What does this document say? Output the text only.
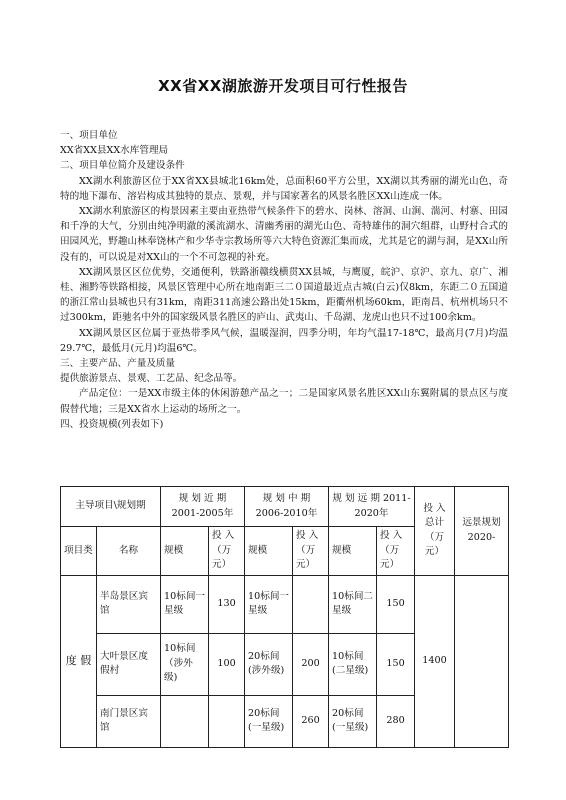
XX省XX湖旅游开发项目可行性报告

一、项目单位

XX省XX县XX水库管理局

二、项目单位简介及建设条件

XX湖水利旅游区位于XX省XX县城北16km处，总面积60平方公里，XX湖以其秀丽的湖光山色，奇特的地下瀑布、溶岩构成其独特的景点、景观，并与国家著名的风景名胜区XX山连成一体。

XX湖水利旅游区的构景因素主要由亚热带气候条件下的碧水、岗林、溶洞、山涧、湍河、村寨、田园和千净的大气，分别由纯净明澈的溪流湖水、清幽秀丽的湖光山色、奇特雄伟的洞穴组群，山野村合式的田园风光，野趣山林奉饶林产和少华寺宗教场所等六大特色资源汇集而成，尤其是它的湖与洞，是XX山所没有的，可以说是对XX山的一个不可忽视的补充。

XX湖风景区区位优势，交通便利，铁路浙赣线横贯XX县城，与鹰厦，皖沪、京沪、京九、京广、湘桂、湘黔等铁路相接，风景区管理中心所在地南距三二０国道最近点古城(白云)仅8km，东距二０五国道的浙江常山县城也只有31km，南距311高速公路出处15km，距衢州机场60km，距南昌、杭州机场只不过300km，距驰名中外的国家级风景名胜区的庐山、武夷山、千岛湖、龙虎山也只不过100余km。

XX湖风景区区位属于亚热带季风气候，温暖湿润，四季分明，年均气温17-18℃，最高月(7月)均温29.7℃，最低月(元月)均温6℃。

三、主要产品、产量及质量

提供旅游景点、景观、工艺品、纪念品等。

产品定位：一是XX市级主体的休闲游憩产品之一；二是国家风景名胜区XX山东翼附属的景点区与度假替代地；三是XX省水上运动的场所之一。

四、投资规模(列表如下)

主导项目\规划期		规 划 近 期 2001-2005年		规 划 中 期 2006-2010年		规 划 远 期 2011-2020年		投 入 总计 （万元）	远景规划 2020-
项目类	名称	规模	投 入（万元）	规模	投 入（万元）	规模	投 入（万元）		
度 假	半岛景区宾馆	10标间一星级	130	10标间一星级		10标间二星级	150	1400	
	大叶景区度假村	10标间（涉外级)	100	20标间(涉外级)	200	10标间(二星级)	150		
	南门景区宾馆			20标间(一星级)	260	20标间(一星级)	280		
